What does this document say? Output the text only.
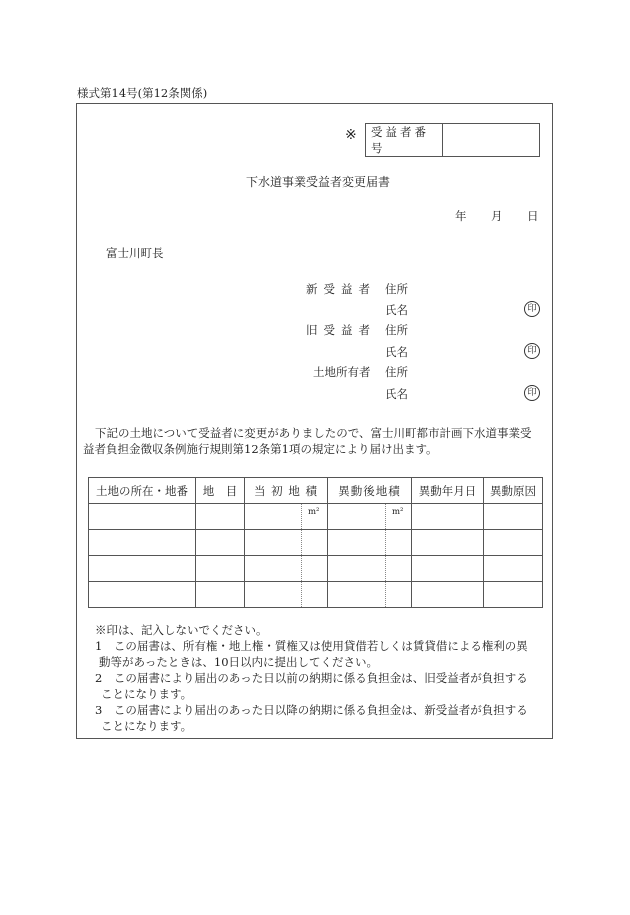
様式第14号(第12条関係)
※ 受益者番号	
下水道事業受益者変更届書
年 月 日
富士川町長
新受益者 住所
氏名	印
旧受益者 住所
氏名	印
土地所有者 住所
氏名	印
下記の土地について受益者に変更がありましたので、富士川町都市計画下水道事業受
益者負担金徴収条例施行規則第12条第1項の規定により届け出ます。
土地の所在・地番	地　目	当 初 地 積	異動後地積	異動年月日	異動原因

		m²	m²		

※印は、記入しないでください。
1　この届書は、所有権・地上権・質権又は使用貸借若しくは賃貸借による権利の異
動等があったときは、10日以内に提出してください。
2　この届書により届出のあった日以前の納期に係る負担金は、旧受益者が負担する
ことになります。
3　この届書により届出のあった日以降の納期に係る負担金は、新受益者が負担する
ことになります。
